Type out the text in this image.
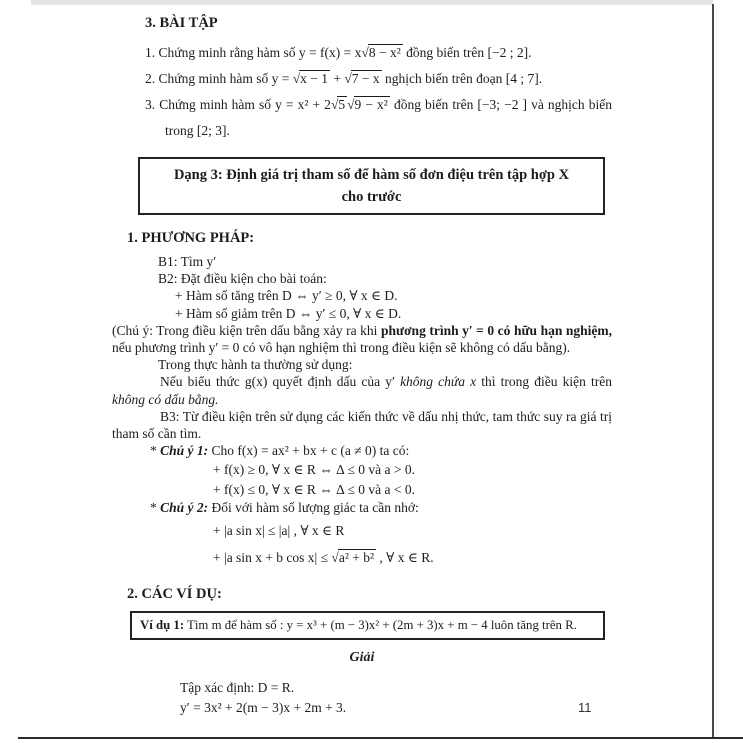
3. BÀI TẬP
1. Chứng minh rằng hàm số y = f(x) = x√8 − x² đồng biến trên [−2 ; 2].
2. Chứng minh hàm số y = √x − 1 + √7 − x nghịch biến trên đoạn [4 ; 7].
3. Chứng minh hàm số y = x² + 2√5 √9 − x² đồng biến trên [−3; −2 ] và nghịch biến trong [2; 3].
Dạng 3: Định giá trị tham số để hàm số đơn điệu trên tập hợp X
cho trước
1. PHƯƠNG PHÁP:
B1: Tìm y′
B2: Đặt điều kiện cho bài toán:
+ Hàm số tăng trên D ⇔ y′ ≥ 0, ∀ x ∈ D.
+ Hàm số giảm trên D ⇔ y′ ≤ 0, ∀ x ∈ D.
(Chú ý: Trong điều kiện trên dấu bằng xảy ra khi phương trình y′ = 0 có hữu hạn nghiệm, nếu phương trình y′ = 0 có vô hạn nghiệm thì trong điều kiện sẽ không có dấu bằng).
Trong thực hành ta thường sử dụng:
Nếu biểu thức g(x) quyết định dấu của y′ không chứa x thì trong điều kiện trên không có dấu bằng.
B3: Từ điều kiện trên sử dụng các kiến thức về dấu nhị thức, tam thức suy ra giá trị tham số cần tìm.
* Chú ý 1: Cho f(x) = ax² + bx + c (a ≠ 0) ta có:
+ f(x) ≥ 0, ∀ x ∈ R ⇔ Δ ≤ 0 và a > 0.
+ f(x) ≤ 0, ∀ x ∈ R ⇔ Δ ≤ 0 và a < 0.
* Chú ý 2: Đối với hàm số lượng giác ta cần nhớ:
+ |a sin x| ≤ |a| , ∀ x ∈ R
+ |a sin x + b cos x| ≤ √a² + b² , ∀ x ∈ R.
2. CÁC VÍ DỤ:
Ví dụ 1: Tìm m để hàm số : y = x³ + (m − 3)x² + (2m + 3)x + m − 4 luôn tăng trên R.
Giải
Tập xác định: D = R.
y′ = 3x² + 2(m − 3)x + 2m + 3.	11
